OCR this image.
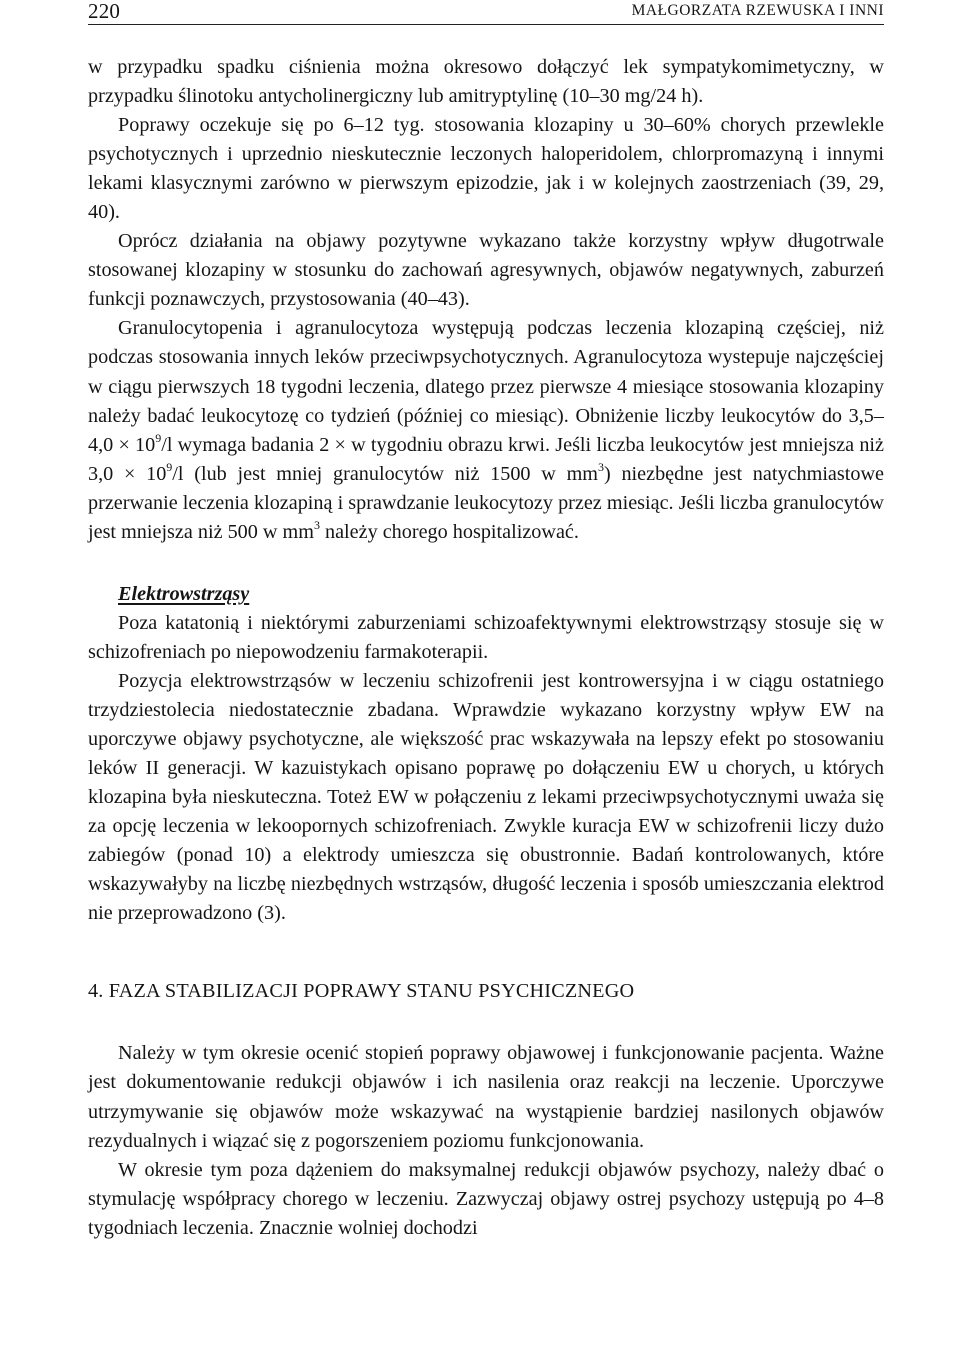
220	MAŁGORZATA RZEWUSKA I INNI

w przypadku spadku ciśnienia można okresowo dołączyć lek sympatykomimetyczny, w przypadku ślinotoku antycholinergiczny lub amitryptylinę (10–30 mg/24 h).

Poprawy oczekuje się po 6–12 tyg. stosowania klozapiny u 30–60% chorych przewlekle psychotycznych i uprzednio nieskutecznie leczonych haloperidolem, chlorpromazyną i innymi lekami klasycznymi zarówno w pierwszym epizodzie, jak i w kolejnych zaostrzeniach (39, 29, 40).

Oprócz działania na objawy pozytywne wykazano także korzystny wpływ długotrwale stosowanej klozapiny w stosunku do zachowań agresywnych, objawów negatywnych, zaburzeń funkcji poznawczych, przystosowania (40–43).

Granulocytopenia i agranulocytoza występują podczas leczenia klozapiną częściej, niż podczas stosowania innych leków przeciwpsychotycznych. Agranulocytoza wystepuje najczęściej w ciągu pierwszych 18 tygodni leczenia, dlatego przez pierwsze 4 miesiące stosowania klozapiny należy badać leukocytozę co tydzień (później co miesiąc). Obniżenie liczby leukocytów do $3,5-4,0 \times 10^9/l$ wymaga badania 2 × w tygodniu obrazu krwi. Jeśli liczba leukocytów jest mniejsza niż $3,0 \times 10^9/l$ (lub jest mniej granulocytów niż 1500 w $mm^3$) niezbędne jest natychmiastowe przerwanie leczenia klozapiną i sprawdzanie leukocytozy przez miesiąc. Jeśli liczba granulocytów jest mniejsza niż 500 w $mm^3$ należy chorego hospitalizować.

Elektrowstrząsy

Poza katatonią i niektórymi zaburzeniami schizoafektywnymi elektrowstrząsy stosuje się w schizofreniach po niepowodzeniu farmakoterapii.

Pozycja elektrowstrząsów w leczeniu schizofrenii jest kontrowersyjna i w ciągu ostatniego trzydziestolecia niedostatecznie zbadana. Wprawdzie wykazano korzystny wpływ EW na uporczywe objawy psychotyczne, ale większość prac wskazywała na lepszy efekt po stosowaniu leków II generacji. W kazuistykach opisano poprawę po dołączeniu EW u chorych, u których klozapina była nieskuteczna. Toteż EW w połączeniu z lekami przeciwpsychotycznymi uważa się za opcję leczenia w lekoopornych schizofreniach. Zwykle kuracja EW w schizofrenii liczy dużo zabiegów (ponad 10) a elektrody umieszcza się obustronnie. Badań kontrolowanych, które wskazywałyby na liczbę niezbędnych wstrząsów, długość leczenia i sposób umieszczania elektrod nie przeprowadzono (3).

4. FAZA STABILIZACJI POPRAWY STANU PSYCHICZNEGO

Należy w tym okresie ocenić stopień poprawy objawowej i funkcjonowanie pacjenta. Ważne jest dokumentowanie redukcji objawów i ich nasilenia oraz reakcji na leczenie. Uporczywe utrzymywanie się objawów może wskazywać na wystąpienie bardziej nasilonych objawów rezydualnych i wiązać się z pogorszeniem poziomu funkcjonowania.

W okresie tym poza dążeniem do maksymalnej redukcji objawów psychozy, należy dbać o stymulację współpracy chorego w leczeniu. Zazwyczaj objawy ostrej psychozy ustępują po 4–8 tygodniach leczenia. Znacznie wolniej dochodzi
